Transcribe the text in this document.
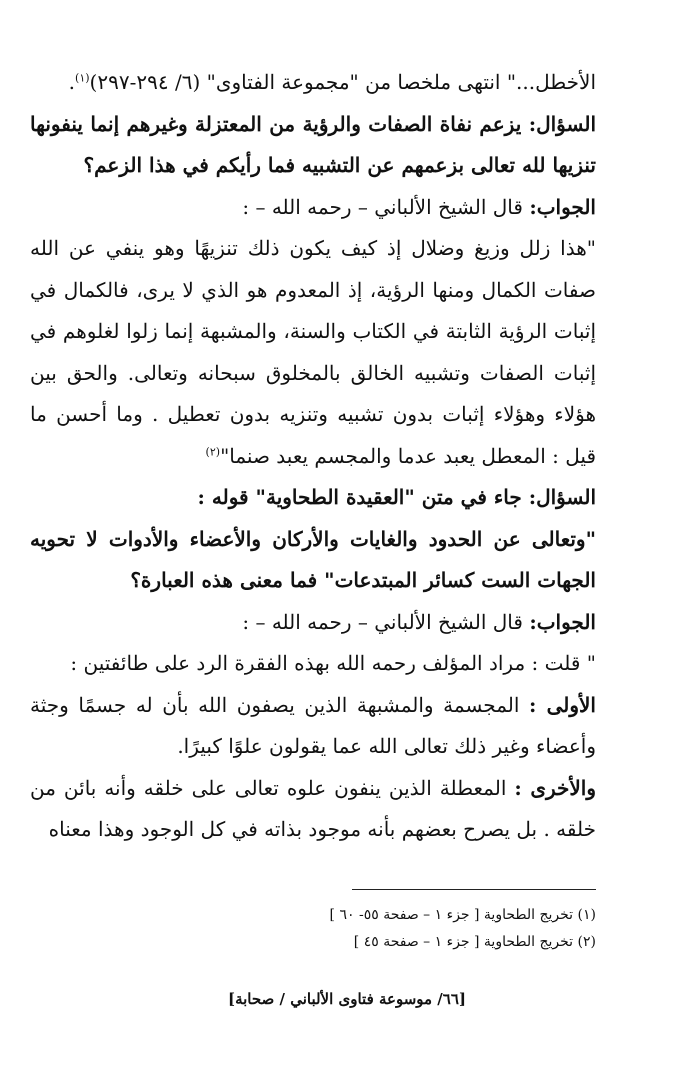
الأخطل..." انتهى ملخصا من "مجموعة الفتاوى" (٦/ ٢٩٤-٢٩٧)$^{(١)}$.

السؤال: يزعم نفاة الصفات والرؤية من المعتزلة وغيرهم إنما ينفونها تنزيها لله تعالى بزعمهم عن التشبيه فما رأيكم في هذا الزعم؟

الجواب: قال الشيخ الألباني – رحمه الله – :

"هذا زلل وزيغ وضلال إذ كيف يكون ذلك تنزيهًا وهو ينفي عن الله صفات الكمال ومنها الرؤية، إذ المعدوم هو الذي لا يرى، فالكمال في إثبات الرؤية الثابتة في الكتاب والسنة، والمشبهة إنما زلوا لغلوهم في إثبات الصفات وتشبيه الخالق بالمخلوق سبحانه وتعالى. والحق بين هؤلاء وهؤلاء إثبات بدون تشبيه وتنزيه بدون تعطيل . وما أحسن ما قيل : المعطل يعبد عدما والمجسم يعبد صنما"$^{(٢)}$

السؤال: جاء في متن "العقيدة الطحاوية" قوله :

"وتعالى عن الحدود والغايات والأركان والأعضاء والأدوات لا تحويه الجهات الست كسائر المبتدعات" فما معنى هذه العبارة؟

الجواب: قال الشيخ الألباني – رحمه الله – :

" قلت : مراد المؤلف رحمه الله بهذه الفقرة الرد على طائفتين :

الأولى : المجسمة والمشبهة الذين يصفون الله بأن له جسمًا وجثة وأعضاء وغير ذلك تعالى الله عما يقولون علوًا كبيرًا.

والأخرى : المعطلة الذين ينفون علوه تعالى على خلقه وأنه بائن من خلقه . بل يصرح بعضهم بأنه موجود بذاته في كل الوجود وهذا معناه

(١) تخريج الطحاوية [ جزء ١ – صفحة ٥٥- ٦٠ ]
(٢) تخريج الطحاوية [ جزء ١ – صفحة ٤٥ ]
[٦٦/ موسوعة فتاوى الألباني / صحابة]
